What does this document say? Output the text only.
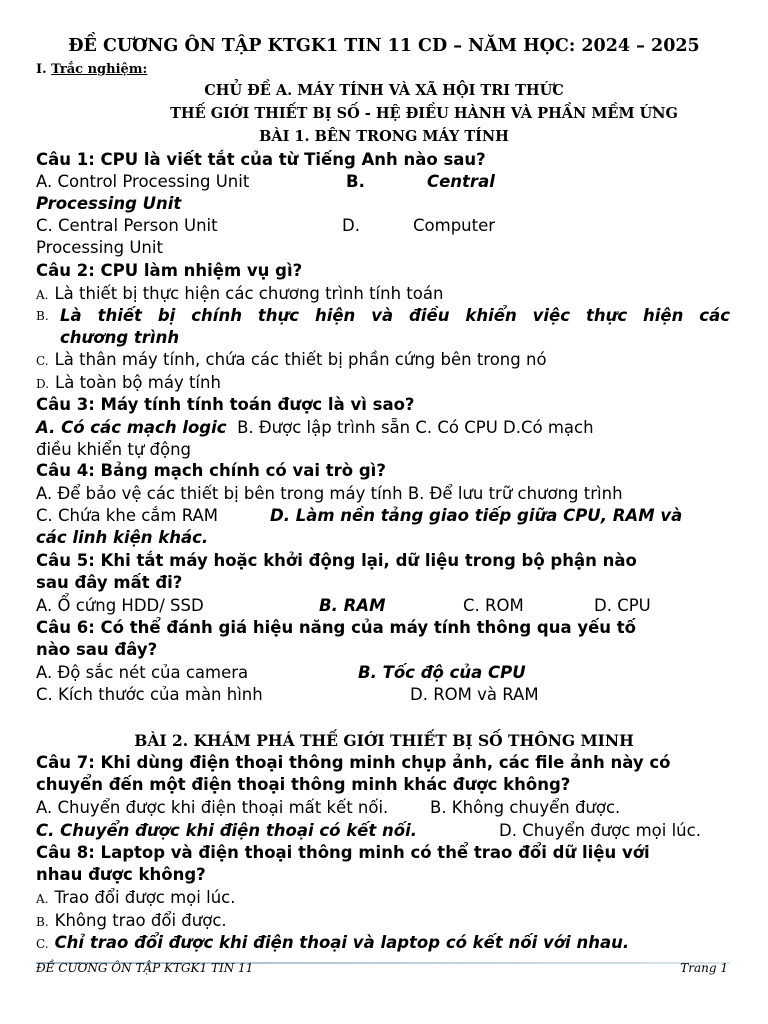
ĐỀ CƯƠNG ÔN TẬP KTGK1 TIN 11 CD – NĂM HỌC: 2024 – 2025
I. Trắc nghiệm:
CHỦ ĐỀ A. MÁY TÍNH VÀ XÃ HỘI TRI THỨC
THẾ GIỚI THIẾT BỊ SỐ - HỆ ĐIỀU HÀNH VÀ PHẦN MỀM ỨNG
BÀI 1. BÊN TRONG MÁY TÍNH
Câu 1: CPU là viết tắt của từ Tiếng Anh nào sau?
A. Control Processing Unit	B.	Central
Processing Unit
C. Central Person Unit	D.	Computer
Processing Unit
Câu 2: CPU làm nhiệm vụ gì?
A. Là thiết bị thực hiện các chương trình tính toán
B. Là thiết bị chính thực hiện và điều khiển việc thực hiện các
chương trình
C. Là thân máy tính, chứa các thiết bị phần cứng bên trong nó
D. Là toàn bộ máy tính
Câu 3: Máy tính tính toán được là vì sao?
A. Có các mạch logic B. Được lập trình sẵn C. Có CPU D.Có mạch
điều khiển tự động
Câu 4: Bảng mạch chính có vai trò gì?
A. Để bảo vệ các thiết bị bên trong máy tính B. Để lưu trữ chương trình
C. Chứa khe cắm RAM	D. Làm nền tảng giao tiếp giữa CPU, RAM và
các linh kiện khác.
Câu 5: Khi tắt máy hoặc khởi động lại, dữ liệu trong bộ phận nào
sau đây mất đi?
A. Ổ cứng HDD/ SSD	B. RAM	C. ROM	D. CPU
Câu 6: Có thể đánh giá hiệu năng của máy tính thông qua yếu tố
nào sau đây?
A. Độ sắc nét của camera	B. Tốc độ của CPU
C. Kích thước của màn hình	D. ROM và RAM
BÀI 2. KHÁM PHÁ THẾ GIỚI THIẾT BỊ SỐ THÔNG MINH
Câu 7: Khi dùng điện thoại thông minh chụp ảnh, các file ảnh này có
chuyển đến một điện thoại thông minh khác được không?
A. Chuyển được khi điện thoại mất kết nối.	B. Không chuyển được.
C. Chuyển được khi điện thoại có kết nối.	D. Chuyển được mọi lúc.
Câu 8: Laptop và điện thoại thông minh có thể trao đổi dữ liệu với
nhau được không?
A. Trao đổi được mọi lúc.
B. Không trao đổi được.
C. Chỉ trao đổi được khi điện thoại và laptop có kết nối với nhau.
ĐỀ CƯƠNG ÔN TẬP KTGK1 TIN 11	Trang 1
